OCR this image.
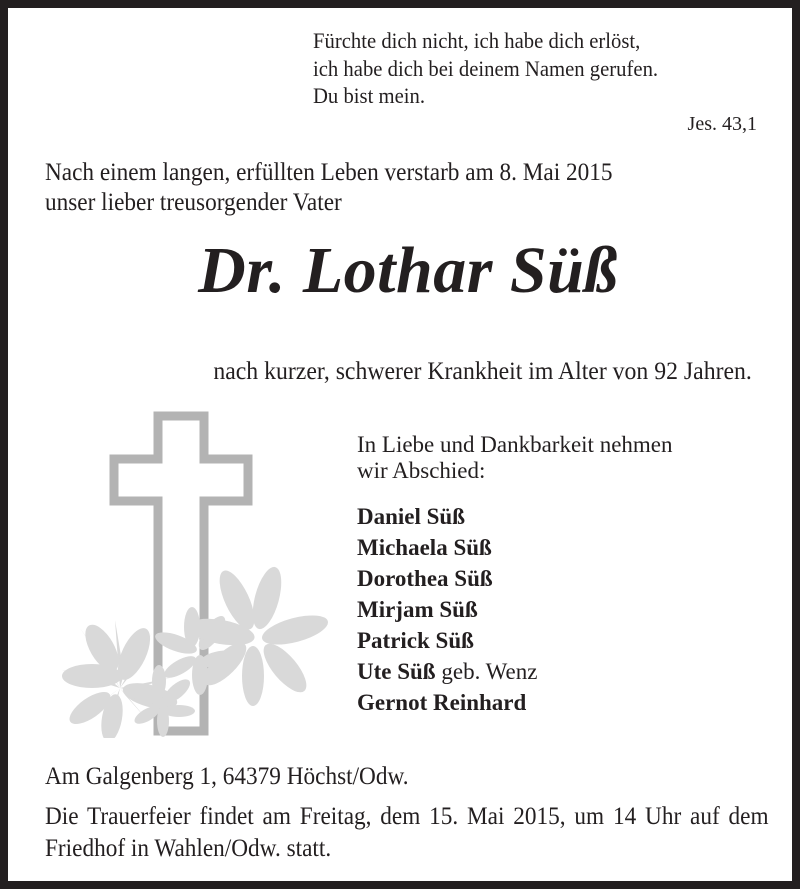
Fürchte dich nicht, ich habe dich erlöst,
ich habe dich bei deinem Namen gerufen.
Du bist mein.
Jes. 43,1
Nach einem langen, erfüllten Leben verstarb am 8. Mai 2015
unser lieber treusorgender Vater
Dr. Lothar Süß
nach kurzer, schwerer Krankheit im Alter von 92 Jahren.
In Liebe und Dankbarkeit nehmen
wir Abschied:
Daniel Süß
Michaela Süß
Dorothea Süß
Mirjam Süß
Patrick Süß
Ute Süß geb. Wenz
Gernot Reinhard
Am Galgenberg 1, 64379 Höchst/Odw.
Die Trauerfeier findet am Freitag, dem 15. Mai 2015, um 14 Uhr auf dem Friedhof in Wahlen/Odw. statt.
